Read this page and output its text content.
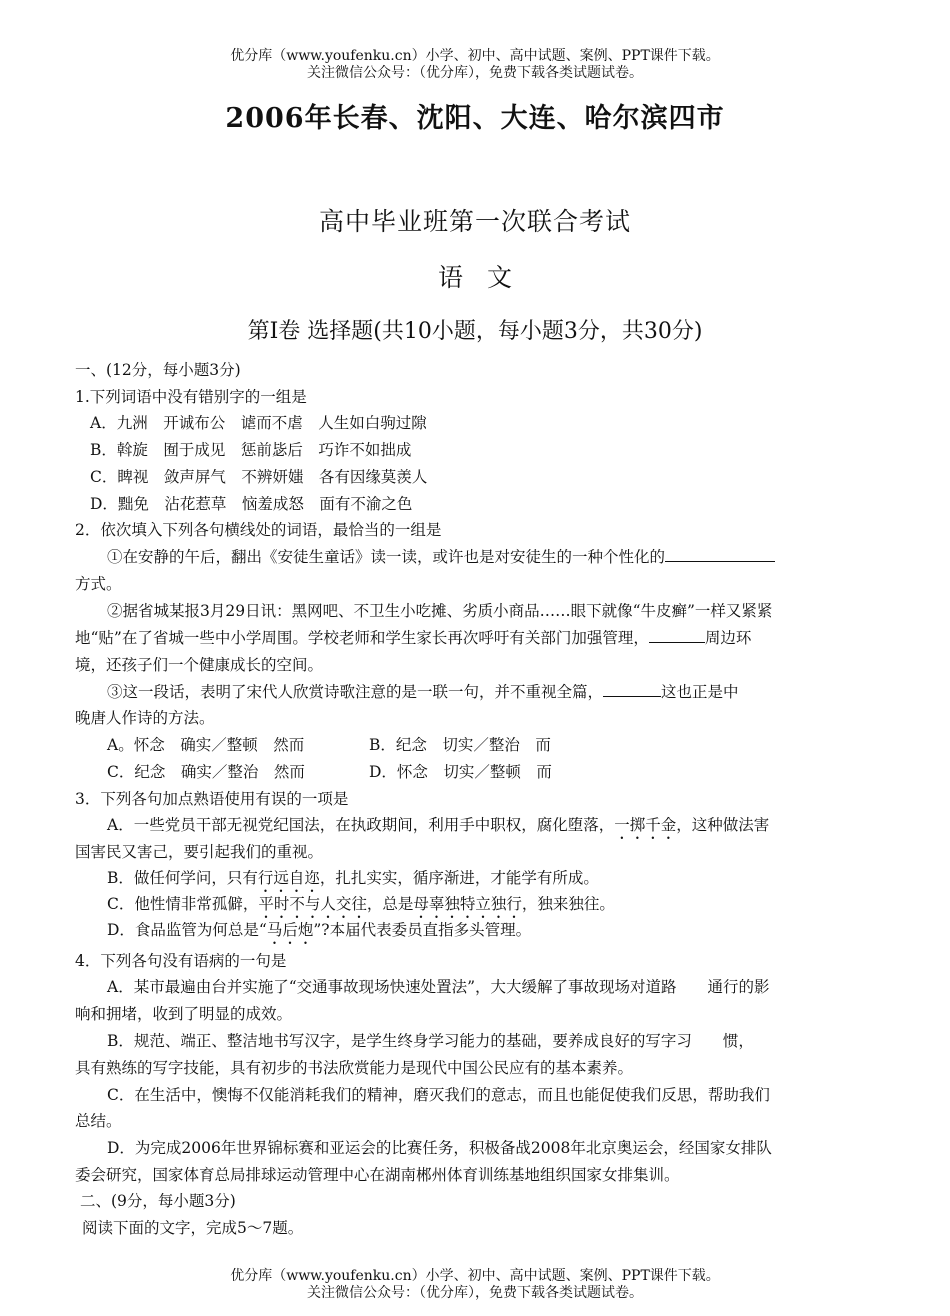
优分库（www.youfenku.cn）小学、初中、高中试题、案例、PPT课件下载。
关注微信公众号：（优分库），免费下载各类试题试卷。
2006年长春、沈阳、大连、哈尔滨四市
高中毕业班第一次联合考试
语文
第Ⅰ卷 选择题(共10小题，每小题3分，共30分)
一、(12分，每小题3分)
1.下列词语中没有错别字的一组是
A．九洲　开诚布公　谑而不虐　人生如白驹过隙
B．斡旋　囿于成见　惩前毖后　巧诈不如拙成
C．睥视　敛声屏气　不辨妍媸　各有因缘莫羡人
D．黜免　沾花惹草　恼羞成怒　面有不渝之色
2．依次填入下列各句横线处的词语，最恰当的一组是
①在安静的午后，翻出《安徒生童话》读一读，或许也是对安徒生的一种个性化的
方式。
②据省城某报3月29日讯：黑网吧、不卫生小吃摊、劣质小商品……眼下就像“牛皮癣”一样又紧紧
地“贴”在了省城一些中小学周围。学校老师和学生家长再次呼吁有关部门加强管理，	周边环
境，还孩子们一个健康成长的空间。
③这一段话，表明了宋代人欣赏诗歌注意的是一联一句，并不重视全篇，	这也正是中
晚唐人作诗的方法。
A。怀念　确实／整顿　然而	B．纪念　切实／整治　而
C．纪念　确实／整治　然而	D．怀念　切实／整顿　而
3．下列各句加点熟语使用有误的一项是
A．一些党员干部无视党纪国法，在执政期间，利用手中职权，腐化堕落，一掷千金，这种做法害
国害民又害己，要引起我们的重视。
B．做任何学问，只有行远自迩，扎扎实实，循序渐进，才能学有所成。
C．他性情非常孤僻，平时不与人交往，总是母辜独特立独行，独来独往。
D．食品监管为何总是“马后炮”?本届代表委员直指多头管理。
4．下列各句没有语病的一句是
A．某市最遍由台并实施了“交通事故现场快速处置法”，大大缓解了事故现场对道路　　通行的影
响和拥堵，收到了明显的成效。
B．规范、端正、整洁地书写汉字，是学生终身学习能力的基础，要养成良好的写字习　　惯，
具有熟练的写字技能，具有初步的书法欣赏能力是现代中国公民应有的基本素养。
C．在生活中，懊悔不仅能消耗我们的精神，磨灭我们的意志，而且也能促使我们反思，帮助我们
总结。
D．为完成2006年世界锦标赛和亚运会的比赛任务，积极备战2008年北京奥运会，经国家女排队
委会研究，国家体育总局排球运动管理中心在湖南郴州体育训练基地组织国家女排集训。
二、(9分，每小题3分)
阅读下面的文字，完成5～7题。
优分库（www.youfenku.cn）小学、初中、高中试题、案例、PPT课件下载。
关注微信公众号：（优分库），免费下载各类试题试卷。
